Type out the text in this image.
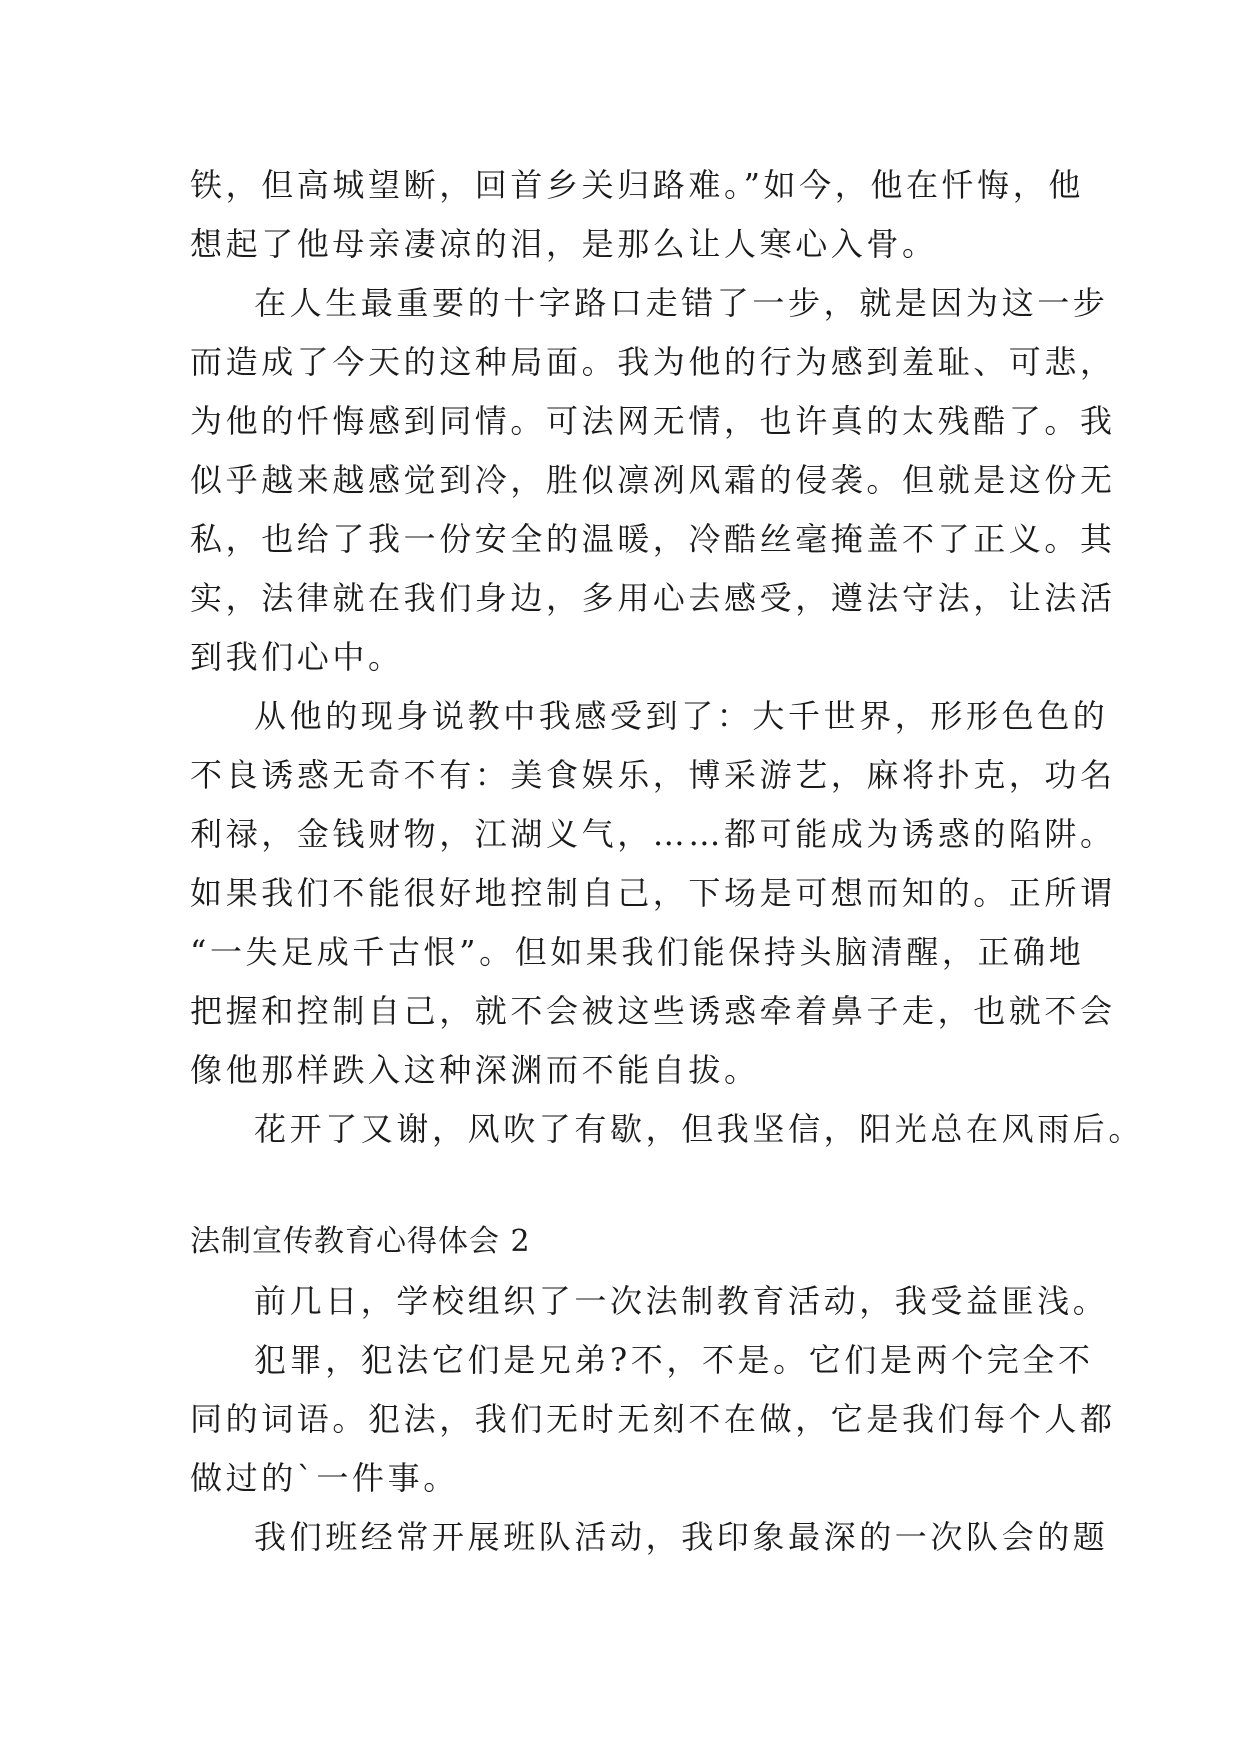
铁，但高城望断，回首乡关归路难。”如今，他在忏悔，他
想起了他母亲凄凉的泪，是那么让人寒心入骨。
在人生最重要的十字路口走错了一步，就是因为这一步
而造成了今天的这种局面。我为他的行为感到羞耻、可悲，
为他的忏悔感到同情。可法网无情，也许真的太残酷了。我
似乎越来越感觉到冷，胜似凛冽风霜的侵袭。但就是这份无
私，也给了我一份安全的温暖，冷酷丝毫掩盖不了正义。其
实，法律就在我们身边，多用心去感受，遵法守法，让法活
到我们心中。
从他的现身说教中我感受到了：大千世界，形形色色的
不良诱惑无奇不有：美食娱乐，博采游艺，麻将扑克，功名
利禄，金钱财物，江湖义气，……都可能成为诱惑的陷阱。
如果我们不能很好地控制自己，下场是可想而知的。正所谓
“一失足成千古恨”。但如果我们能保持头脑清醒，正确地
把握和控制自己，就不会被这些诱惑牵着鼻子走，也就不会
像他那样跌入这种深渊而不能自拔。
花开了又谢，风吹了有歇，但我坚信，阳光总在风雨后。
法制宣传教育心得体会 2
前几日，学校组织了一次法制教育活动，我受益匪浅。
犯罪，犯法它们是兄弟?不，不是。它们是两个完全不
同的词语。犯法，我们无时无刻不在做，它是我们每个人都
做过的`一件事。
我们班经常开展班队活动，我印象最深的一次队会的题
